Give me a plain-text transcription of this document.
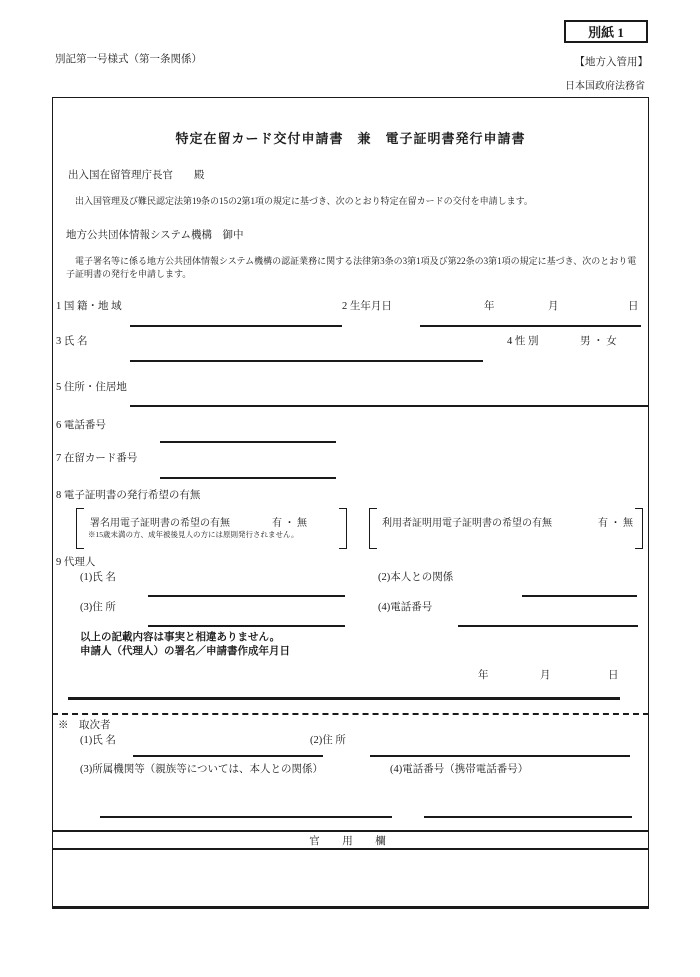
別紙 1
別記第一号様式（第一条関係）	【地方入管用】
日本国政府法務省
特定在留カード交付申請書　兼　電子証明書発行申請書
出入国在留管理庁長官　　殿
出入国管理及び難民認定法第19条の15の2第1項の規定に基づき、次のとおり特定在留カードの交付を申請します。
地方公共団体情報システム機構　御中
電子署名等に係る地方公共団体情報システム機構の認証業務に関する法律第3条の3第1項及び第22条の3第1項の規定に基づき、次のとおり電子証明書の発行を申請します。
1 国 籍・地 域	2 生年月日	年	月	日
3 氏 名	4 性 別	男 ・ 女
5 住所・住居地
6 電話番号
7 在留カード番号
8 電子証明書の発行希望の有無
署名用電子証明書の希望の有無	有 ・ 無
※15歳未満の方、成年被後見人の方には原則発行されません。
利用者証明用電子証明書の希望の有無	有 ・ 無
9 代理人
(1)氏 名	(2)本人との関係
(3)住 所	(4)電話番号
以上の記載内容は事実と相違ありません。
申請人（代理人）の署名／申請書作成年月日
年	月	日
※　取次者
(1)氏 名	(2)住 所
(3)所属機関等（親族等については、本人との関係）	(4)電話番号（携帯電話番号）
官　用　欄
